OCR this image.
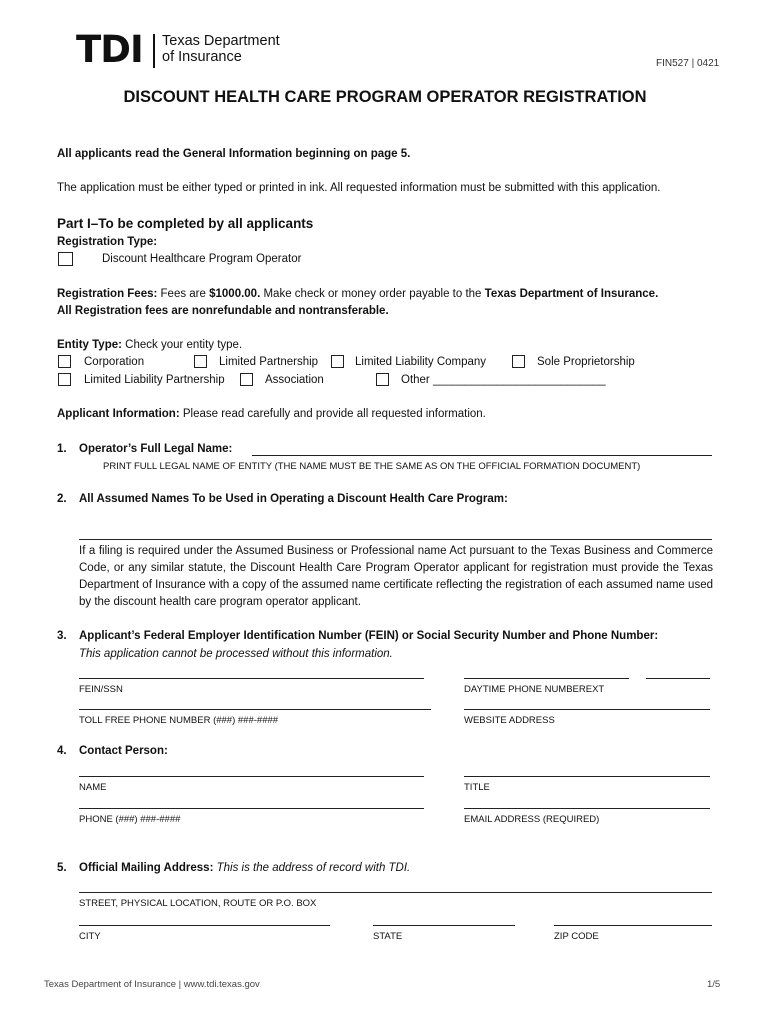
TDI Texas Department
of Insurance	FIN527 | 0421
DISCOUNT HEALTH CARE PROGRAM OPERATOR REGISTRATION
All applicants read the General Information beginning on page 5.
The application must be either typed or printed in ink. All requested information must be submitted with this application.
Part I–To be completed by all applicants
Registration Type:
Discount Healthcare Program Operator
Registration Fees: Fees are $1000.00. Make check or money order payable to the Texas Department of Insurance.
All Registration fees are nonrefundable and nontransferable.
Entity Type: Check your entity type.
Corporation	Limited Partnership	Limited Liability Company	Sole Proprietorship
Limited Liability Partnership	Association	Other ___________________________
Applicant Information: Please read carefully and provide all requested information.
1. Operator’s Full Legal Name:
PRINT FULL LEGAL NAME OF ENTITY (THE NAME MUST BE THE SAME AS ON THE OFFICIAL FORMATION DOCUMENT)
2. All Assumed Names To be Used in Operating a Discount Health Care Program:
If a filing is required under the Assumed Business or Professional name Act pursuant to the Texas Business and Commerce Code, or any similar statute, the Discount Health Care Program Operator applicant for registration must provide the Texas Department of Insurance with a copy of the assumed name certificate reflecting the registration of each assumed name used by the discount health care program operator applicant.
3. Applicant’s Federal Employer Identification Number (FEIN) or Social Security Number and Phone Number:
This application cannot be processed without this information.
FEIN/SSN	DAYTIME PHONE NUMBEREXT
TOLL FREE PHONE NUMBER (###) ###-####	WEBSITE ADDRESS
4. Contact Person:
NAME	TITLE
PHONE (###) ###-####	EMAIL ADDRESS (REQUIRED)
5. Official Mailing Address: This is the address of record with TDI.
STREET, PHYSICAL LOCATION, ROUTE OR P.O. BOX
CITY	STATE	ZIP CODE
Texas Department of Insurance | www.tdi.texas.gov	1/5
